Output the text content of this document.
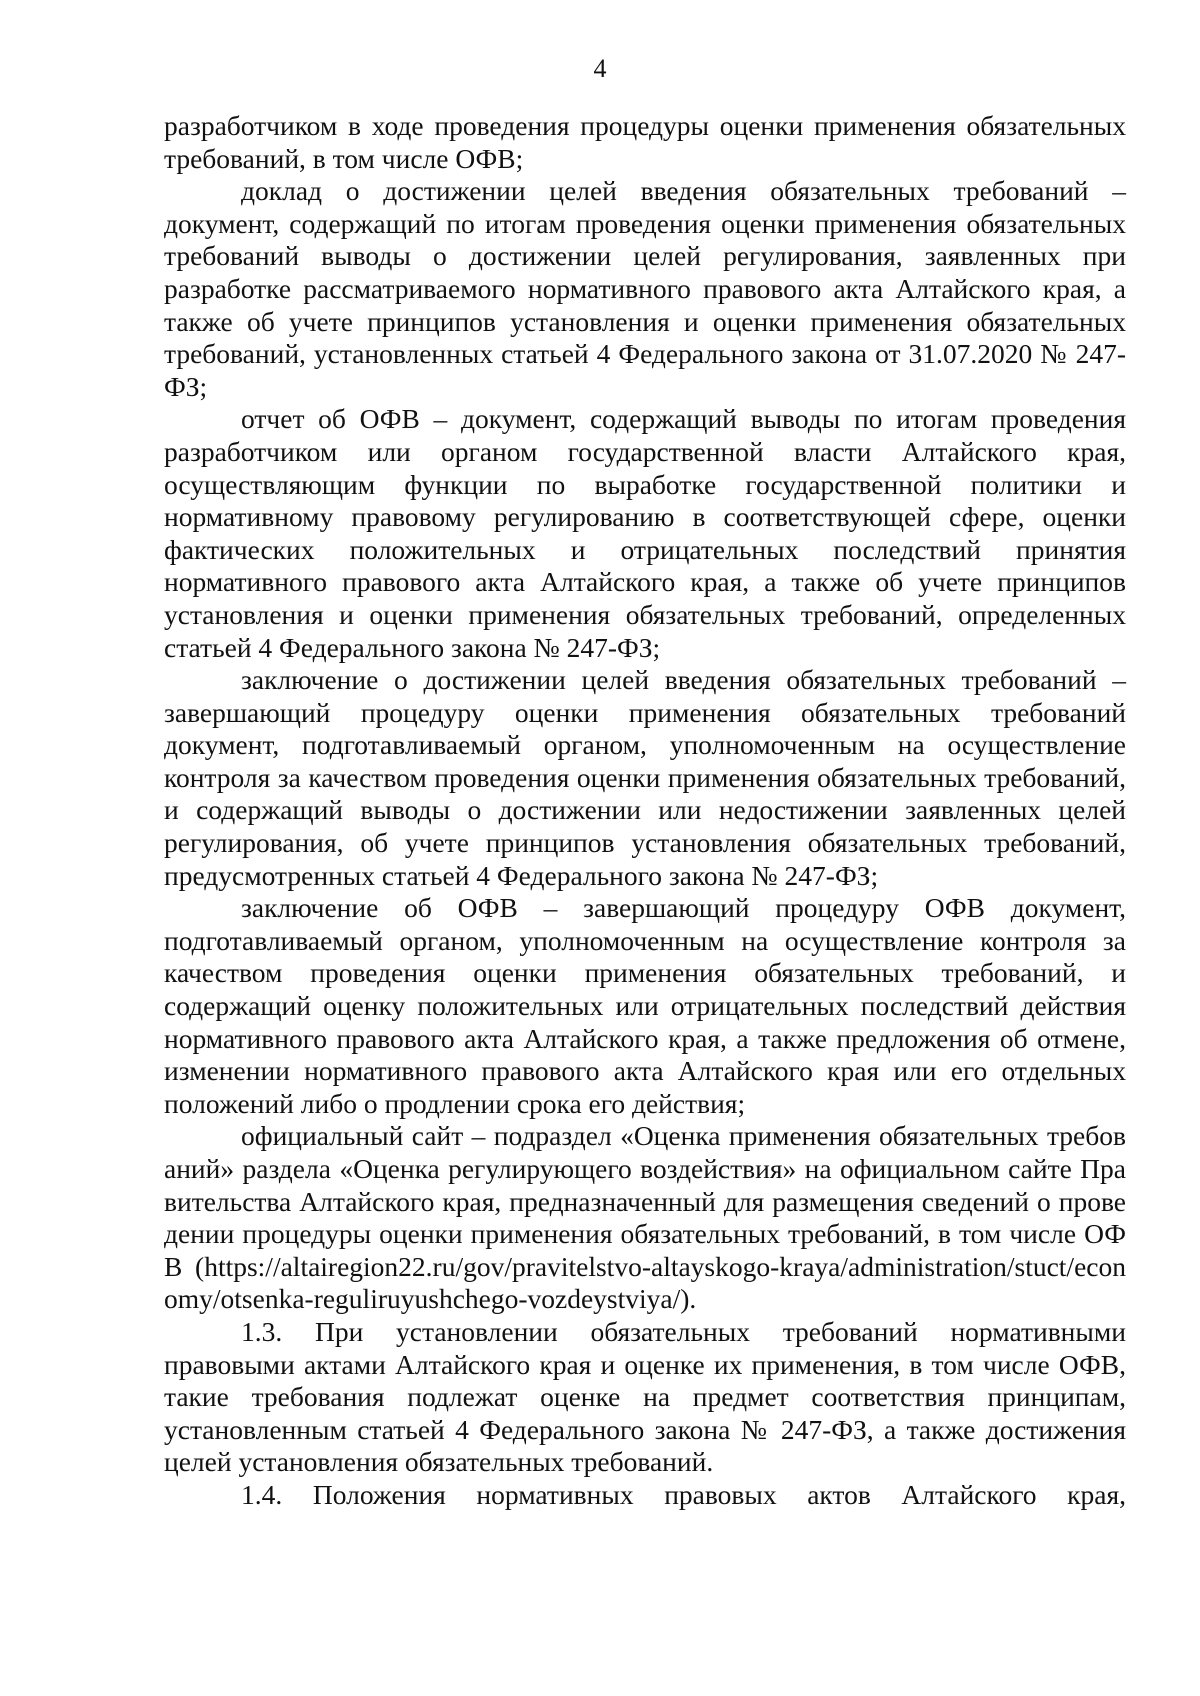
4

разработчиком в ходе проведения процедуры оценки применения обязательных требований, в том числе ОФВ;

доклад о достижении целей введения обязательных требований – документ, содержащий по итогам проведения оценки применения обязательных требований выводы о достижении целей регулирования, заявленных при разработке рассматриваемого нормативного правового акта Алтайского края, а также об учете принципов установления и оценки применения обязательных требований, установленных статьей 4 Федерального закона от 31.07.2020 № 247-ФЗ;

отчет об ОФВ – документ, содержащий выводы по итогам проведения разработчиком или органом государственной власти Алтайского края, осуществляющим функции по выработке государственной политики и нормативному правовому регулированию в соответствующей сфере, оценки фактических положительных и отрицательных последствий принятия нормативного правового акта Алтайского края, а также об учете принципов установления и оценки применения обязательных требований, определенных статьей 4 Федерального закона № 247-ФЗ;

заключение о достижении целей введения обязательных требований – завершающий процедуру оценки применения обязательных требований документ, подготавливаемый органом, уполномоченным на осуществление контроля за качеством проведения оценки применения обязательных требований, и содержащий выводы о достижении или недостижении заявленных целей регулирования, об учете принципов установления обязательных требований, предусмотренных статьей 4 Федерального закона № 247-ФЗ;

заключение об ОФВ – завершающий процедуру ОФВ документ, подготавливаемый органом, уполномоченным на осуществление контроля за качеством проведения оценки применения обязательных требований, и содержащий оценку положительных или отрицательных последствий действия нормативного правового акта Алтайского края, а также предложения об отмене, изменении нормативного правового акта Алтайского края или его отдельных положений либо о продлении срока его действия;

официальный сайт – подраздел «Оценка применения обязательных требований» раздела «Оценка регулирующего воздействия» на официальном сайте Правительства Алтайского края, предназначенный для размещения сведений о проведении процедуры оценки применения обязательных требований, в том числе ОФВ (https://altairegion22.ru/gov/pravitelstvo-altayskogo-kraya/administration/stuct/economy/otsenka-reguliruyushchego-vozdeystviya/).

1.3. При установлении обязательных требований нормативными правовыми актами Алтайского края и оценке их применения, в том числе ОФВ, такие требования подлежат оценке на предмет соответствия принципам, установленным статьей 4 Федерального закона № 247-ФЗ, а также достижения целей установления обязательных требований.

1.4. Положения нормативных правовых актов Алтайского края,
